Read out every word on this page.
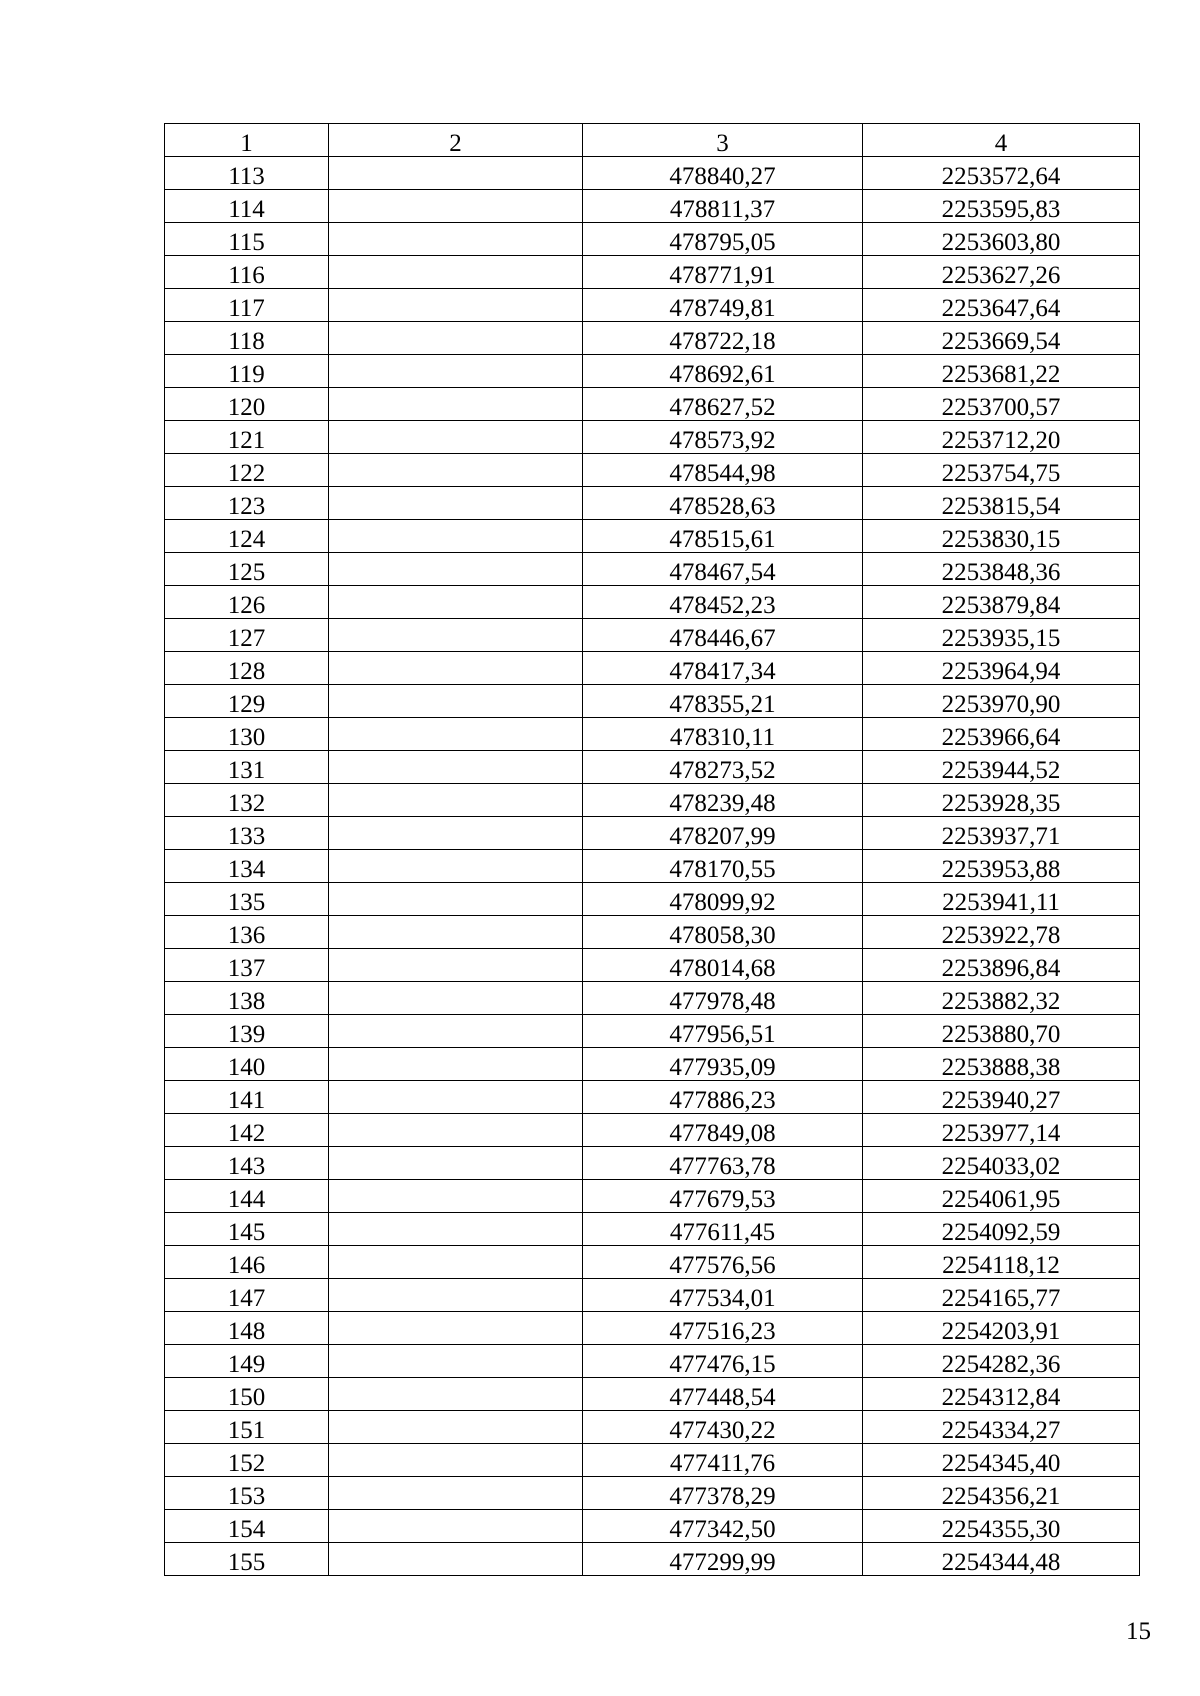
1	2	3	4
113		478840,27	2253572,64
114		478811,37	2253595,83
115		478795,05	2253603,80
116		478771,91	2253627,26
117		478749,81	2253647,64
118		478722,18	2253669,54
119		478692,61	2253681,22
120		478627,52	2253700,57
121		478573,92	2253712,20
122		478544,98	2253754,75
123		478528,63	2253815,54
124		478515,61	2253830,15
125		478467,54	2253848,36
126		478452,23	2253879,84
127		478446,67	2253935,15
128		478417,34	2253964,94
129		478355,21	2253970,90
130		478310,11	2253966,64
131		478273,52	2253944,52
132		478239,48	2253928,35
133		478207,99	2253937,71
134		478170,55	2253953,88
135		478099,92	2253941,11
136		478058,30	2253922,78
137		478014,68	2253896,84
138		477978,48	2253882,32
139		477956,51	2253880,70
140		477935,09	2253888,38
141		477886,23	2253940,27
142		477849,08	2253977,14
143		477763,78	2254033,02
144		477679,53	2254061,95
145		477611,45	2254092,59
146		477576,56	2254118,12
147		477534,01	2254165,77
148		477516,23	2254203,91
149		477476,15	2254282,36
150		477448,54	2254312,84
151		477430,22	2254334,27
152		477411,76	2254345,40
153		477378,29	2254356,21
154		477342,50	2254355,30
155		477299,99	2254344,48
15
